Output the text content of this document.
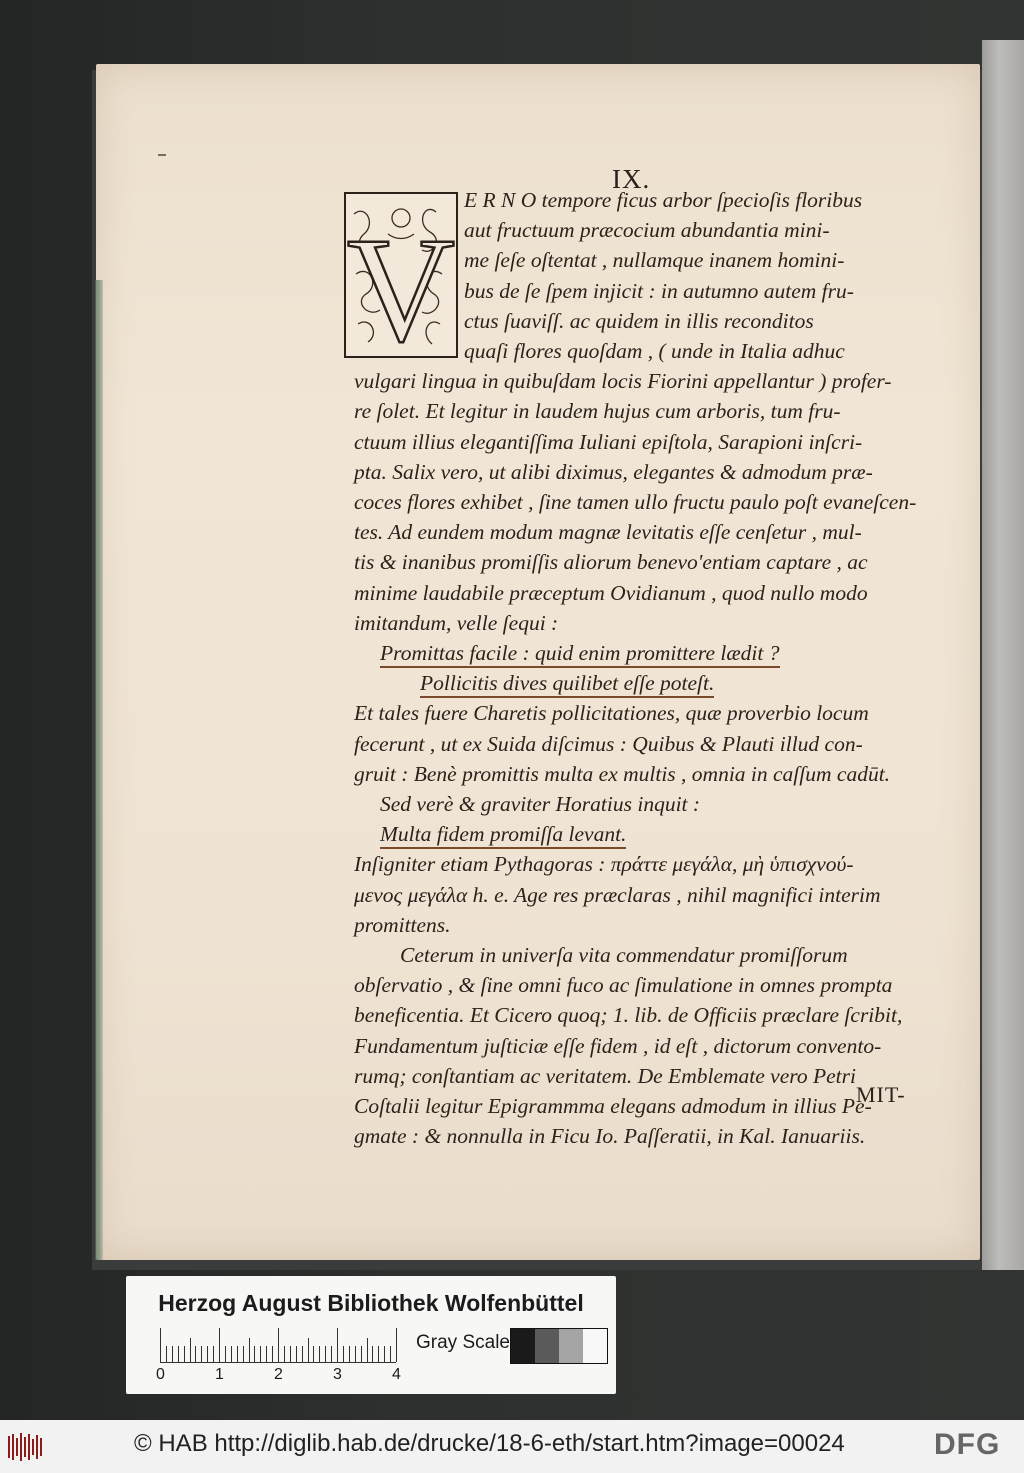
IX.
V
E R N O tempore ficus arbor ſpecioſis floribus
aut fructuum præcocium abundantia mini-
me ſeſe oſtentat , nullamque inanem homini-
bus de ſe ſpem injicit : in autumno autem fru-
ctus ſuaviſſ. ac quidem in illis reconditos
quaſi flores quoſdam , ( unde in Italia adhuc
vulgari lingua in quibuſdam locis Fiorini appellantur ) profer-
re ſolet. Et legitur in laudem hujus cum arboris, tum fru-
ctuum illius elegantiſſima Iuliani epiſtola, Sarapioni inſcri-
pta. Salix vero, ut alibi diximus, elegantes & admodum præ-
coces flores exhibet , ſine tamen ullo fructu paulo poſt evaneſcen-
tes. Ad eundem modum magnæ levitatis eſſe cenſetur , mul-
tis & inanibus promiſſis aliorum benevo'entiam captare , ac
minime laudabile præceptum Ovidianum , quod nullo modo
imitandum, velle ſequi :
Promittas facile : quid enim promittere lædit ?
Pollicitis dives quilibet eſſe poteſt.
Et tales fuere Charetis pollicitationes, quæ proverbio locum
fecerunt , ut ex Suida diſcimus : Quibus & Plauti illud con-
gruit : Benè promittis multa ex multis , omnia in caſſum cadūt.
Sed verè & graviter Horatius inquit :
Multa fidem promiſſa levant.
Inſigniter etiam Pythagoras : πράττε μεγάλα, μὴ ὑπισχνού-
μενος μεγάλα h. e. Age res præclaras , nihil magnifici interim
promittens.
Ceterum in univerſa vita commendatur promiſſorum
obſervatio , & ſine omni fuco ac ſimulatione in omnes prompta
beneficentia. Et Cicero quoq; 1. lib. de Officiis præclare ſcribit,
Fundamentum juſticiæ eſſe fidem , id eſt , dictorum convento-
rumq; conſtantiam ac veritatem. De Emblemate vero Petri
Coſtalii legitur Epigrammma elegans admodum in illius Pe-
gmate : & nonnulla in Ficu Io. Paſſeratii, in Kal. Ianuariis.
MIT-
Herzog August Bibliothek Wolfenbüttel
0	1	2	3	4
Gray Scale
© HAB http://diglib.hab.de/drucke/18-6-eth/start.htm?image=00024	DFG
